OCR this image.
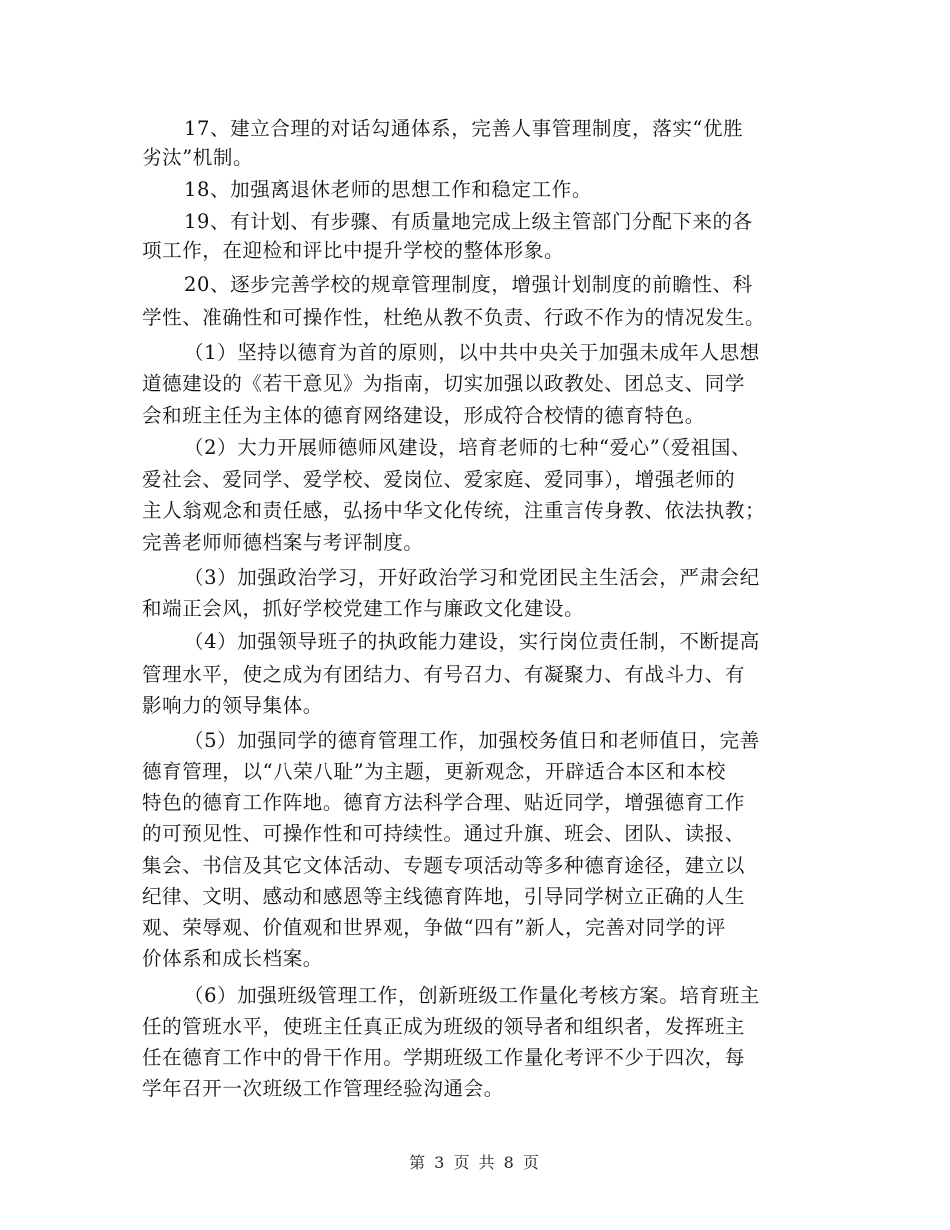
17、建立合理的对话勾通体系，完善人事管理制度，落实“优胜
劣汰”机制。
18、加强离退休老师的思想工作和稳定工作。
19、有计划、有步骤、有质量地完成上级主管部门分配下来的各
项工作，在迎检和评比中提升学校的整体形象。
20、逐步完善学校的规章管理制度，增强计划制度的前瞻性、科
学性、准确性和可操作性，杜绝从教不负责、行政不作为的情况发生。
（1）坚持以德育为首的原则，以中共中央关于加强未成年人思想
道德建设的《若干意见》为指南，切实加强以政教处、团总支、同学
会和班主任为主体的德育网络建设，形成符合校情的德育特色。
（2）大力开展师德师风建设，培育老师的七种“爱心”（爱祖国、
爱社会、爱同学、爱学校、爱岗位、爱家庭、爱同事），增强老师的
主人翁观念和责任感，弘扬中华文化传统，注重言传身教、依法执教；
完善老师师德档案与考评制度。
（3）加强政治学习，开好政治学习和党团民主生活会，严肃会纪
和端正会风，抓好学校党建工作与廉政文化建设。
（4）加强领导班子的执政能力建设，实行岗位责任制，不断提高
管理水平，使之成为有团结力、有号召力、有凝聚力、有战斗力、有
影响力的领导集体。
（5）加强同学的德育管理工作，加强校务值日和老师值日，完善
德育管理，以“八荣八耻”为主题，更新观念，开辟适合本区和本校
特色的德育工作阵地。德育方法科学合理、贴近同学，增强德育工作
的可预见性、可操作性和可持续性。通过升旗、班会、团队、读报、
集会、书信及其它文体活动、专题专项活动等多种德育途径，建立以
纪律、文明、感动和感恩等主线德育阵地，引导同学树立正确的人生
观、荣辱观、价值观和世界观，争做“四有”新人，完善对同学的评
价体系和成长档案。
（6）加强班级管理工作，创新班级工作量化考核方案。培育班主
任的管班水平，使班主任真正成为班级的领导者和组织者，发挥班主
任在德育工作中的骨干作用。学期班级工作量化考评不少于四次，每
学年召开一次班级工作管理经验沟通会。
第 3 页 共 8 页
